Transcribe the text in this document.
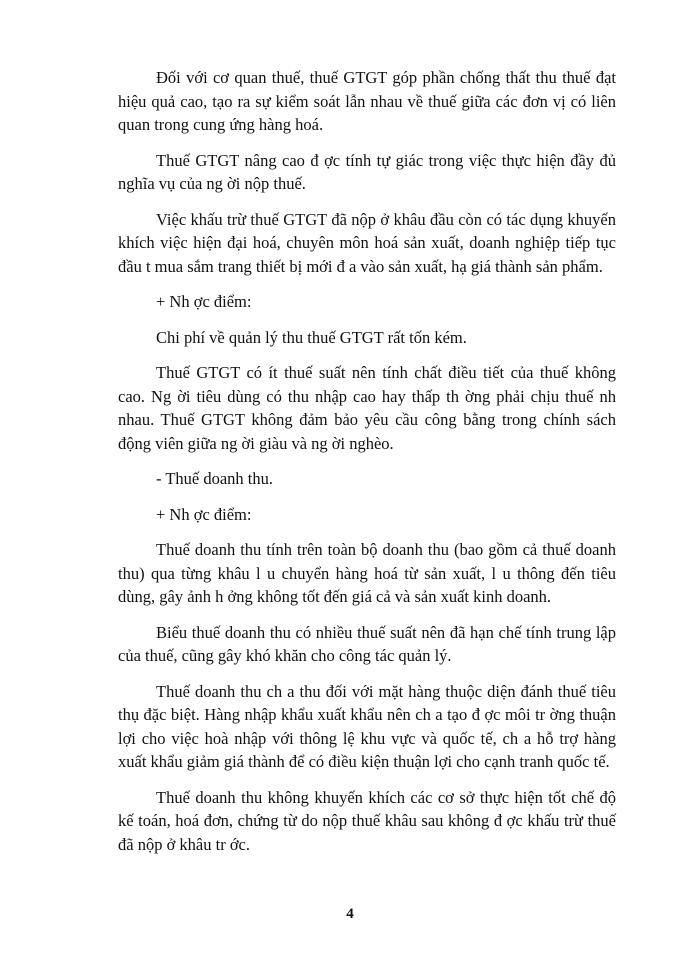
Đối với cơ quan thuế, thuế GTGT góp phần chống thất thu thuế đạt hiệu quả cao, tạo ra sự kiểm soát lẫn nhau về thuế giữa các đơn vị có liên quan trong cung ứng hàng hoá.

Thuế GTGT nâng cao đ ợc tính tự giác trong việc thực hiện đầy đủ nghĩa vụ của ng ời nộp thuế.

Việc khấu trừ thuế GTGT đã nộp ở khâu đầu còn có tác dụng khuyến khích việc hiện đại hoá, chuyên môn hoá sản xuất, doanh nghiệp tiếp tục đầu t mua sắm trang thiết bị mới đ a vào sản xuất, hạ giá thành sản phẩm.

+ Nh ợc điểm:

Chi phí về quản lý thu thuế GTGT rất tốn kém.

Thuế GTGT có ít thuế suất nên tính chất điều tiết của thuế không cao. Ng ời tiêu dùng có thu nhập cao hay thấp th ờng phải chịu thuế nh nhau. Thuế GTGT không đảm bảo yêu cầu công bằng trong chính sách động viên giữa ng ời giàu và ng ời nghèo.

- Thuế doanh thu.

+ Nh ợc điểm:

Thuế doanh thu tính trên toàn bộ doanh thu (bao gồm cả thuế doanh thu) qua từng khâu l u chuyển hàng hoá từ sản xuất, l u thông đến tiêu dùng, gây ảnh h ởng không tốt đến giá cả và sản xuất kinh doanh.

Biểu thuế doanh thu có nhiều thuế suất nên đã hạn chế tính trung lập của thuế, cũng gây khó khăn cho công tác quản lý.

Thuế doanh thu ch a thu đối với mặt hàng thuộc diện đánh thuế tiêu thụ đặc biệt. Hàng nhập khẩu xuất khẩu nên ch a tạo đ ợc môi tr ờng thuận lợi cho việc hoà nhập với thông lệ khu vực và quốc tế, ch a hỗ trợ hàng xuất khẩu giảm giá thành để có điều kiện thuận lợi cho cạnh tranh quốc tế.

Thuế doanh thu không khuyến khích các cơ sở thực hiện tốt chế độ kế toán, hoá đơn, chứng từ do nộp thuế khâu sau không đ ợc khấu trừ thuế đã nộp ở khâu tr ớc.

4
